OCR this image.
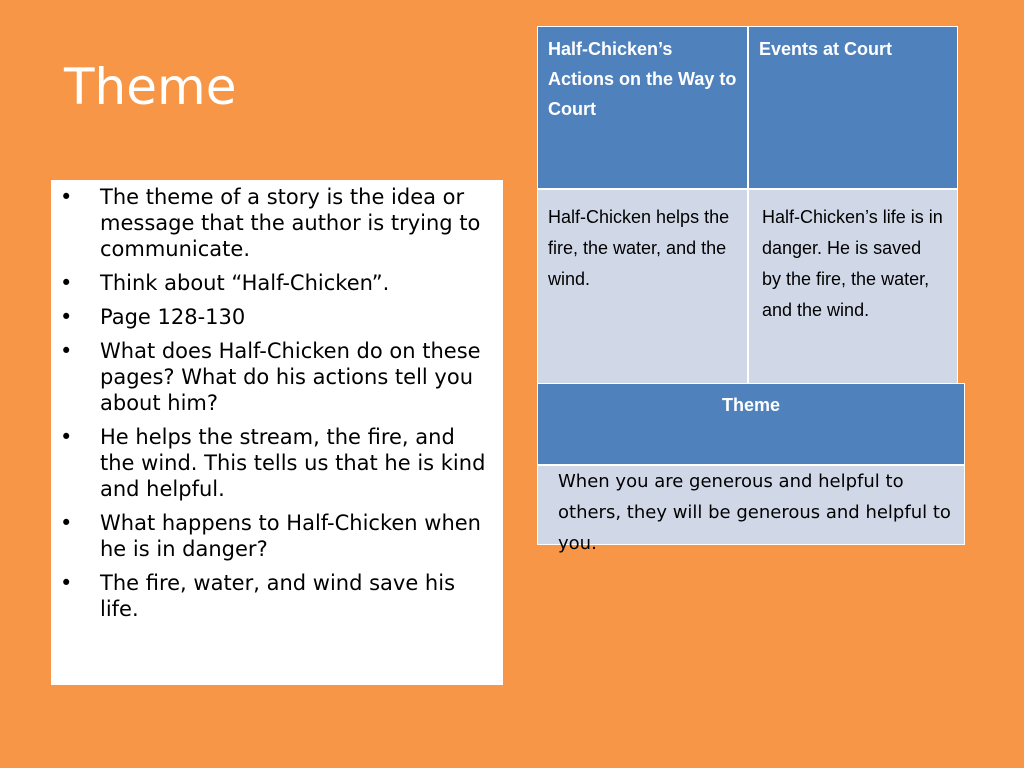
Theme
• The theme of a story is the idea or message that the author is trying to communicate.
• Think about “Half-Chicken”.
• Page 128-130
• What does Half-Chicken do on these pages? What do his actions tell you about him?
• He helps the stream, the fire, and the wind. This tells us that he is kind and helpful.
• What happens to Half-Chicken when he is in danger?
• The fire, water, and wind save his life.
Half-Chicken’s Actions on the Way to Court
Events at Court
Half-Chicken helps the fire, the water, and the wind.
Half-Chicken’s life is in danger. He is saved by the fire, the water, and the wind.
Theme
When you are generous and helpful to others, they will be generous and helpful to you.
